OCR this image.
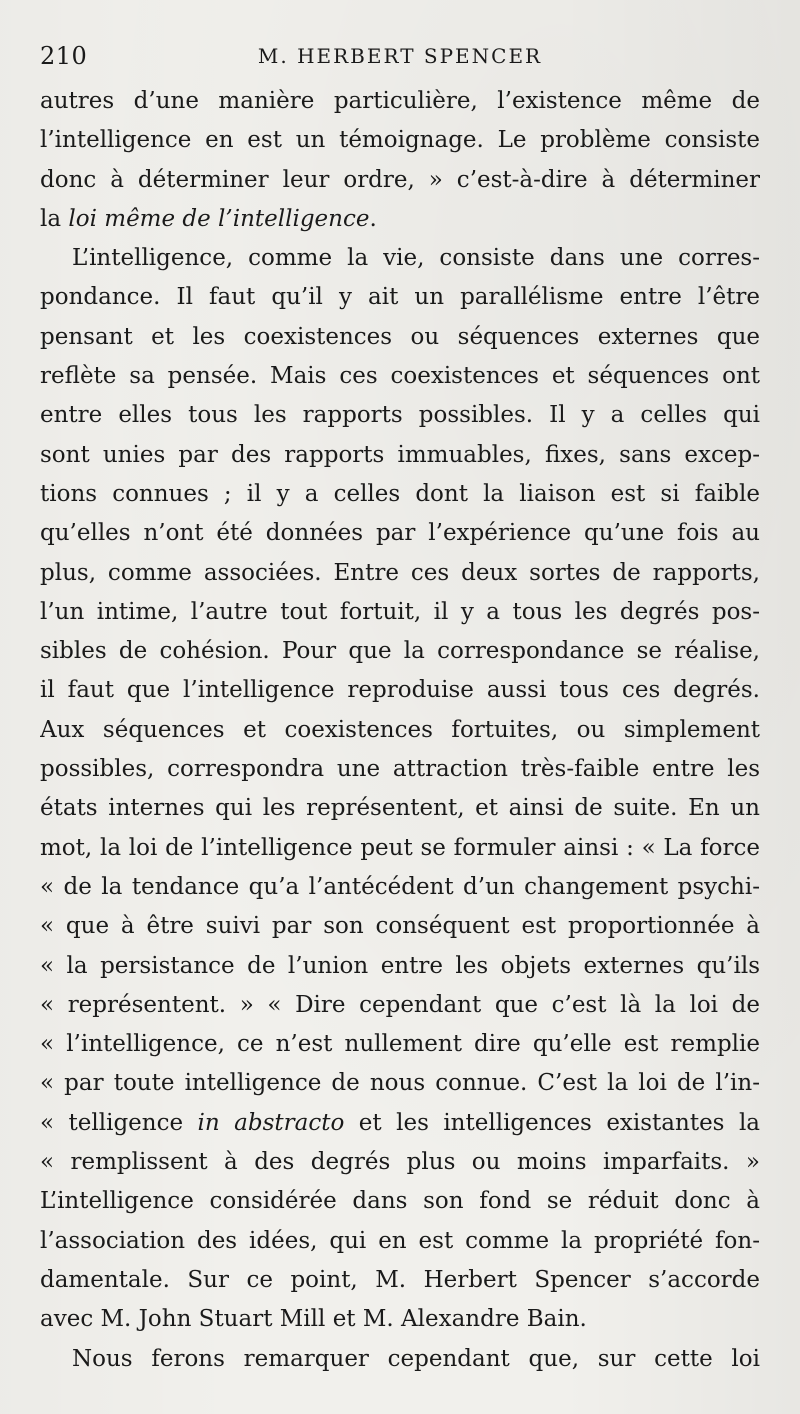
210	M. HERBERT SPENCER
autres d’une manière particulière, l’existence même de
l’intelligence en est un témoignage. Le problème consiste
donc à déterminer leur ordre, » c’est-à-dire à déterminer
la loi même de l’intelligence.
L’intelligence, comme la vie, consiste dans une corres-
pondance. Il faut qu’il y ait un parallélisme entre l’être
pensant et les coexistences ou séquences externes que
reflète sa pensée. Mais ces coexistences et séquences ont
entre elles tous les rapports possibles. Il y a celles qui
sont unies par des rapports immuables, fixes, sans excep-
tions connues ; il y a celles dont la liaison est si faible
qu’elles n’ont été données par l’expérience qu’une fois au
plus, comme associées. Entre ces deux sortes de rapports,
l’un intime, l’autre tout fortuit, il y a tous les degrés pos-
sibles de cohésion. Pour que la correspondance se réalise,
il faut que l’intelligence reproduise aussi tous ces degrés.
Aux séquences et coexistences fortuites, ou simplement
possibles, correspondra une attraction très-faible entre les
états internes qui les représentent, et ainsi de suite. En un
mot, la loi de l’intelligence peut se formuler ainsi : « La force
« de la tendance qu’a l’antécédent d’un changement psychi-
« que à être suivi par son conséquent est proportionnée à
« la persistance de l’union entre les objets externes qu’ils
« représentent. » « Dire cependant que c’est là la loi de
« l’intelligence, ce n’est nullement dire qu’elle est remplie
« par toute intelligence de nous connue. C’est la loi de l’in-
« telligence in abstracto et les intelligences existantes la
« remplissent à des degrés plus ou moins imparfaits. »
L’intelligence considérée dans son fond se réduit donc à
l’association des idées, qui en est comme la propriété fon-
damentale. Sur ce point, M. Herbert Spencer s’accorde
avec M. John Stuart Mill et M. Alexandre Bain.
Nous ferons remarquer cependant que, sur cette loi
